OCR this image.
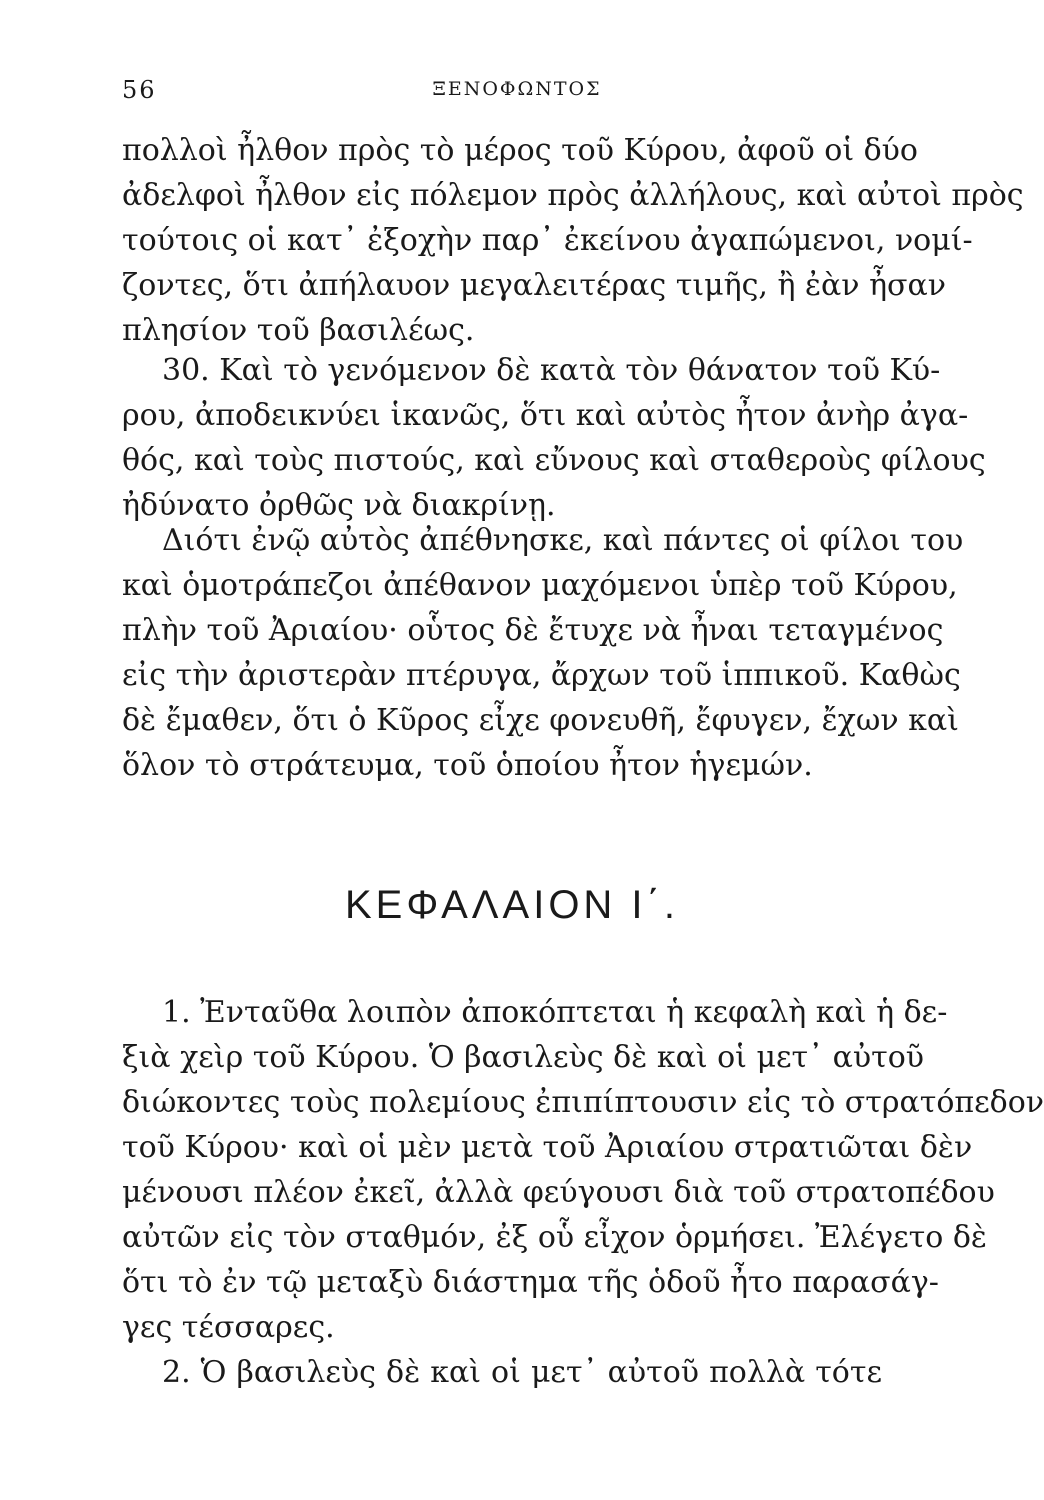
56	ΞΕΝΟΦΩΝΤΟΣ
πολλοὶ ἦλθον πρὸς τὸ μέρος τοῦ Κύρου, ἀφοῦ οἱ δύο
ἀδελφοὶ ἦλθον εἰς πόλεμον πρὸς ἀλλήλους, καὶ αὐτοὶ πρὸς
τούτοις οἱ κατ᾿ ἐξοχὴν παρ᾿ ἐκείνου ἀγαπώμενοι, νομί-
ζοντες, ὅτι ἀπήλαυον μεγαλειτέρας τιμῆς, ἢ ἐὰν ἦσαν
πλησίον τοῦ βασιλέως.
30. Καὶ τὸ γενόμενον δὲ κατὰ τὸν θάνατον τοῦ Κύ-
ρου, ἀποδεικνύει ἱκανῶς, ὅτι καὶ αὐτὸς ἦτον ἀνὴρ ἀγα-
θός, καὶ τοὺς πιστούς, καὶ εὔνους καὶ σταθεροὺς φίλους
ἠδύνατο ὀρθῶς νὰ διακρίνῃ.
Διότι ἐνῷ αὐτὸς ἀπέθνησκε, καὶ πάντες οἱ φίλοι του
καὶ ὁμοτράπεζοι ἀπέθανον μαχόμενοι ὑπὲρ τοῦ Κύρου,
πλὴν τοῦ Ἀριαίου· οὗτος δὲ ἔτυχε νὰ ἦναι τεταγμένος
εἰς τὴν ἀριστερὰν πτέρυγα, ἄρχων τοῦ ἱππικοῦ. Καθὼς
δὲ ἔμαθεν, ὅτι ὁ Κῦρος εἶχε φονευθῆ, ἔφυγεν, ἔχων καὶ
ὅλον τὸ στράτευμα, τοῦ ὁποίου ἦτον ἡγεμών.
ΚΕΦΑΛΑΙΟΝ Ι΄.
1. Ἐνταῦθα λοιπὸν ἀποκόπτεται ἡ κεφαλὴ καὶ ἡ δε-
ξιὰ χεὶρ τοῦ Κύρου. Ὁ βασιλεὺς δὲ καὶ οἱ μετ᾿ αὐτοῦ
διώκοντες τοὺς πολεμίους ἐπιπίπτουσιν εἰς τὸ στρατόπεδον
τοῦ Κύρου· καὶ οἱ μὲν μετὰ τοῦ Ἀριαίου στρατιῶται δὲν
μένουσι πλέον ἐκεῖ, ἀλλὰ φεύγουσι διὰ τοῦ στρατοπέδου
αὐτῶν εἰς τὸν σταθμόν, ἐξ οὗ εἶχον ὁρμήσει. Ἐλέγετο δὲ
ὅτι τὸ ἐν τῷ μεταξὺ διάστημα τῆς ὁδοῦ ἦτο παρασάγ-
γες τέσσαρες.
2. Ὁ βασιλεὺς δὲ καὶ οἱ μετ᾿ αὐτοῦ πολλὰ τότε
